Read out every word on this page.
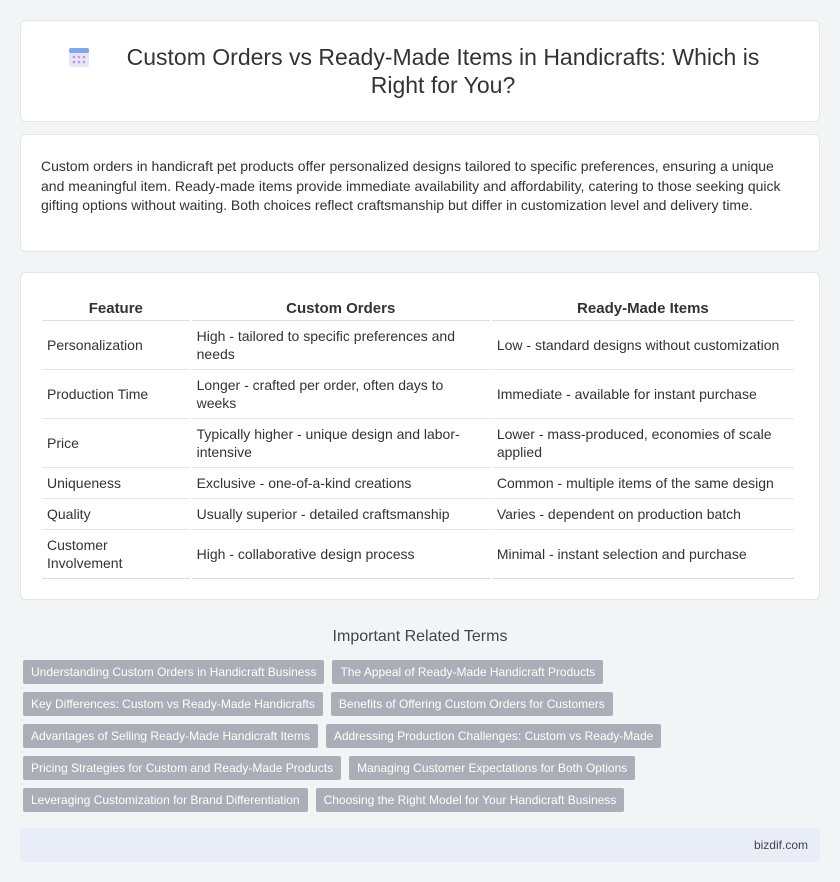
Custom Orders vs Ready-Made Items in Handicrafts: Which is Right for You?

Custom orders in handicraft pet products offer personalized designs tailored to specific preferences, ensuring a unique and meaningful item. Ready-made items provide immediate availability and affordability, catering to those seeking quick gifting options without waiting. Both choices reflect craftsmanship but differ in customization level and delivery time.

Feature	Custom Orders	Ready-Made Items
Personalization	High - tailored to specific preferences and needs	Low - standard designs without customization
Production Time	Longer - crafted per order, often days to weeks	Immediate - available for instant purchase
Price	Typically higher - unique design and labor-intensive	Lower - mass-produced, economies of scale applied
Uniqueness	Exclusive - one-of-a-kind creations	Common - multiple items of the same design
Quality	Usually superior - detailed craftsmanship	Varies - dependent on production batch
Customer Involvement	High - collaborative design process	Minimal - instant selection and purchase
Important Related Terms
Understanding Custom Orders in Handicraft Business	The Appeal of Ready-Made Handicraft Products
Key Differences: Custom vs Ready-Made Handicrafts	Benefits of Offering Custom Orders for Customers
Advantages of Selling Ready-Made Handicraft Items	Addressing Production Challenges: Custom vs Ready-Made
Pricing Strategies for Custom and Ready-Made Products	Managing Customer Expectations for Both Options
Leveraging Customization for Brand Differentiation	Choosing the Right Model for Your Handicraft Business
bizdif.com
